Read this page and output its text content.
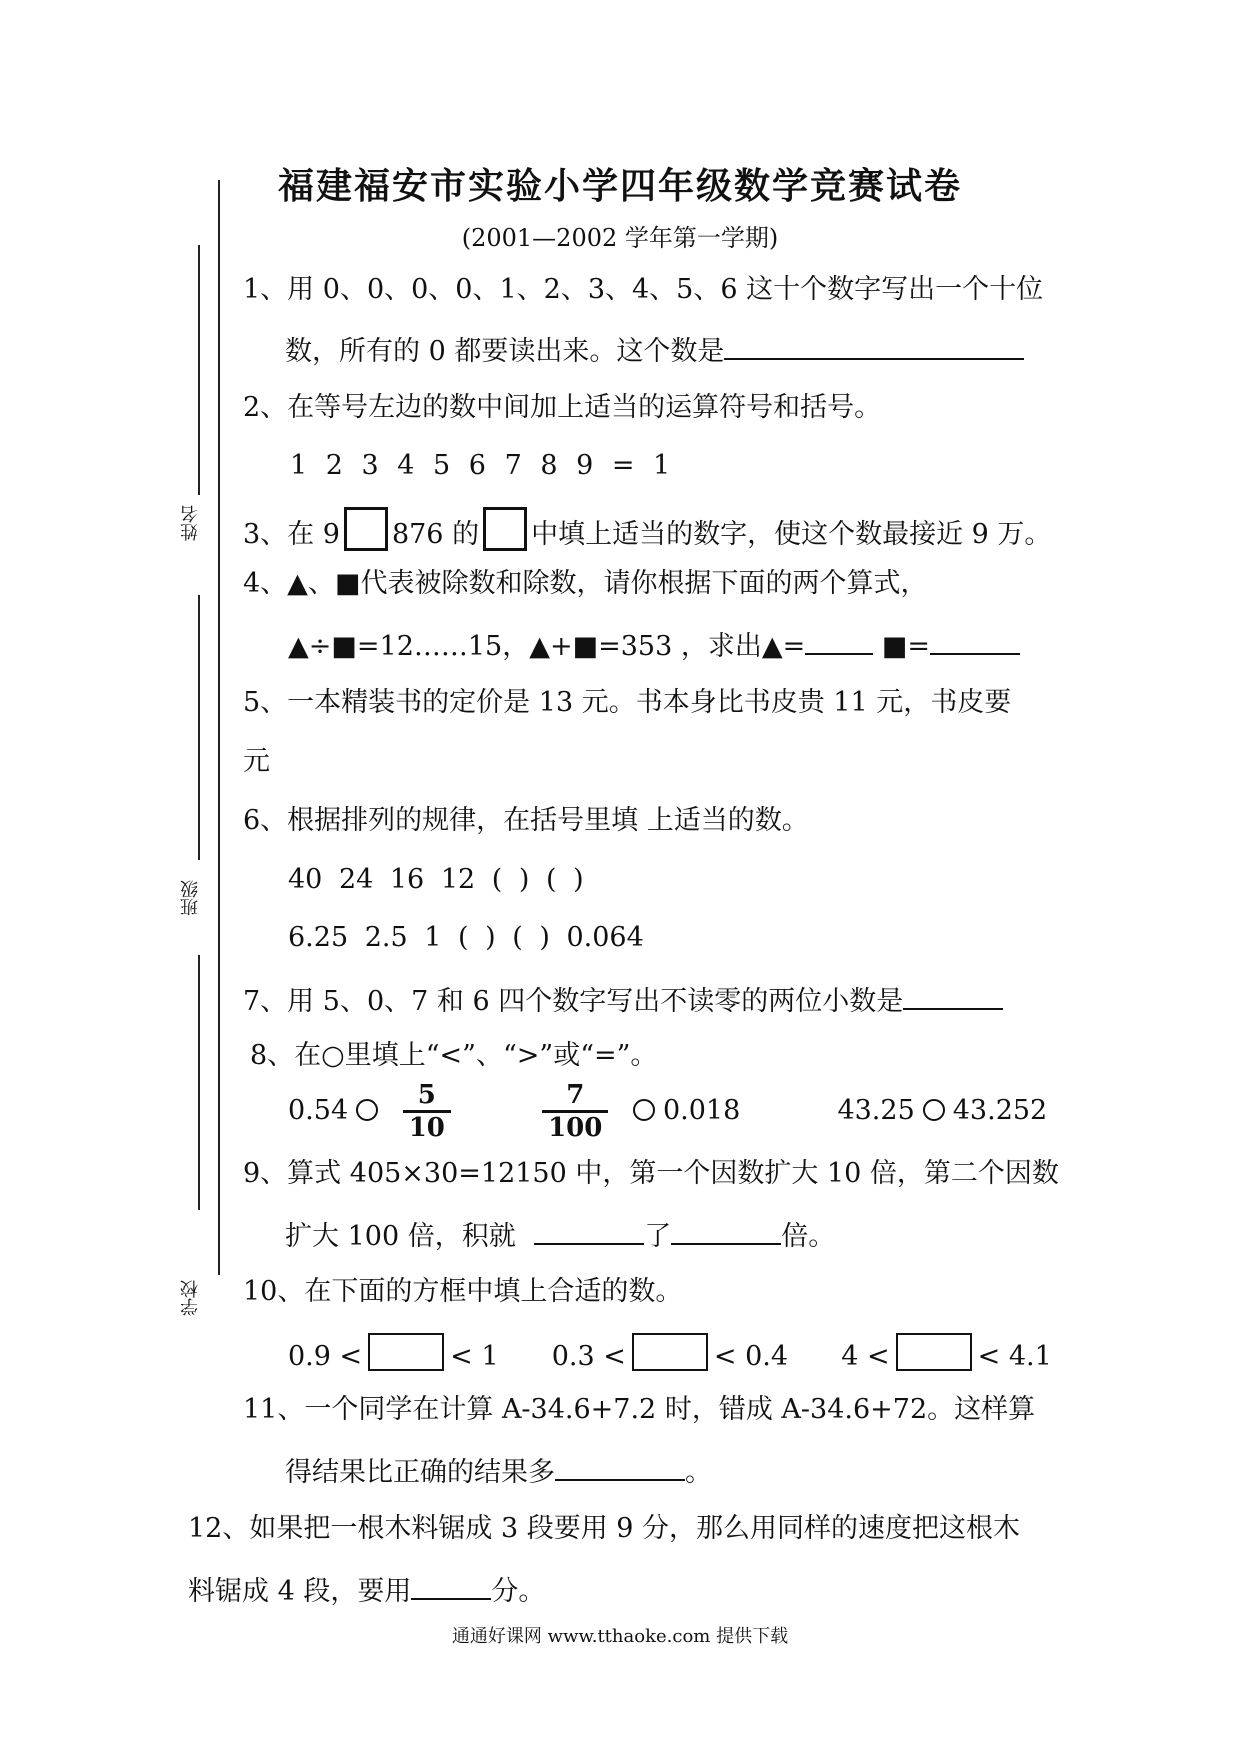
福建福安市实验小学四年级数学竞赛试卷
(2001—2002 学年第一学期)
姓名
班级
学校
1、用 0、0、0、0、1、2、3、4、5、6 这十个数字写出一个十位
数，所有的 0 都要读出来。这个数是
2、在等号左边的数中间加上适当的运算符号和括号。
1 2 3 4 5 6 7 8 9 = 1
3、在 9 876 的 中填上适当的数字，使这个数最接近 9 万。
4、▲、■代表被除数和除数，请你根据下面的两个算式，
▲÷■=12……15，▲+■=353 ，求出▲=	■=
5、一本精装书的定价是 13 元。书本身比书皮贵 11 元，书皮要
元
6、根据排列的规律，在括号里填 上适当的数。
40 24 16 12 ( ) ( )
6.25 2.5 1 ( ) ( ) 0.064
7、用 5、0、7 和 6 四个数字写出不读零的两位小数是
8、在○里填上“<”、“>”或“=”。
$0.54 \frac{5}{10}$
	$\frac{7}{100} 0.018$	43.25 43.252
9、算式 405×30=12150 中，第一个因数扩大 10 倍，第二个因数
扩大 100 倍，积就	了	倍。
10、在下面的方框中填上合适的数。
0.9 <	< 1 0.3 <	< 0.4 4 <	< 4.1
11、一个同学在计算 A-34.6+7.2 时，错成 A-34.6+72。这样算
得结果比正确的结果多	。
12、如果把一根木料锯成 3 段要用 9 分，那么用同样的速度把这根木
料锯成 4 段，要用	分。
通通好课网 www.tthaoke.com 提供下载
